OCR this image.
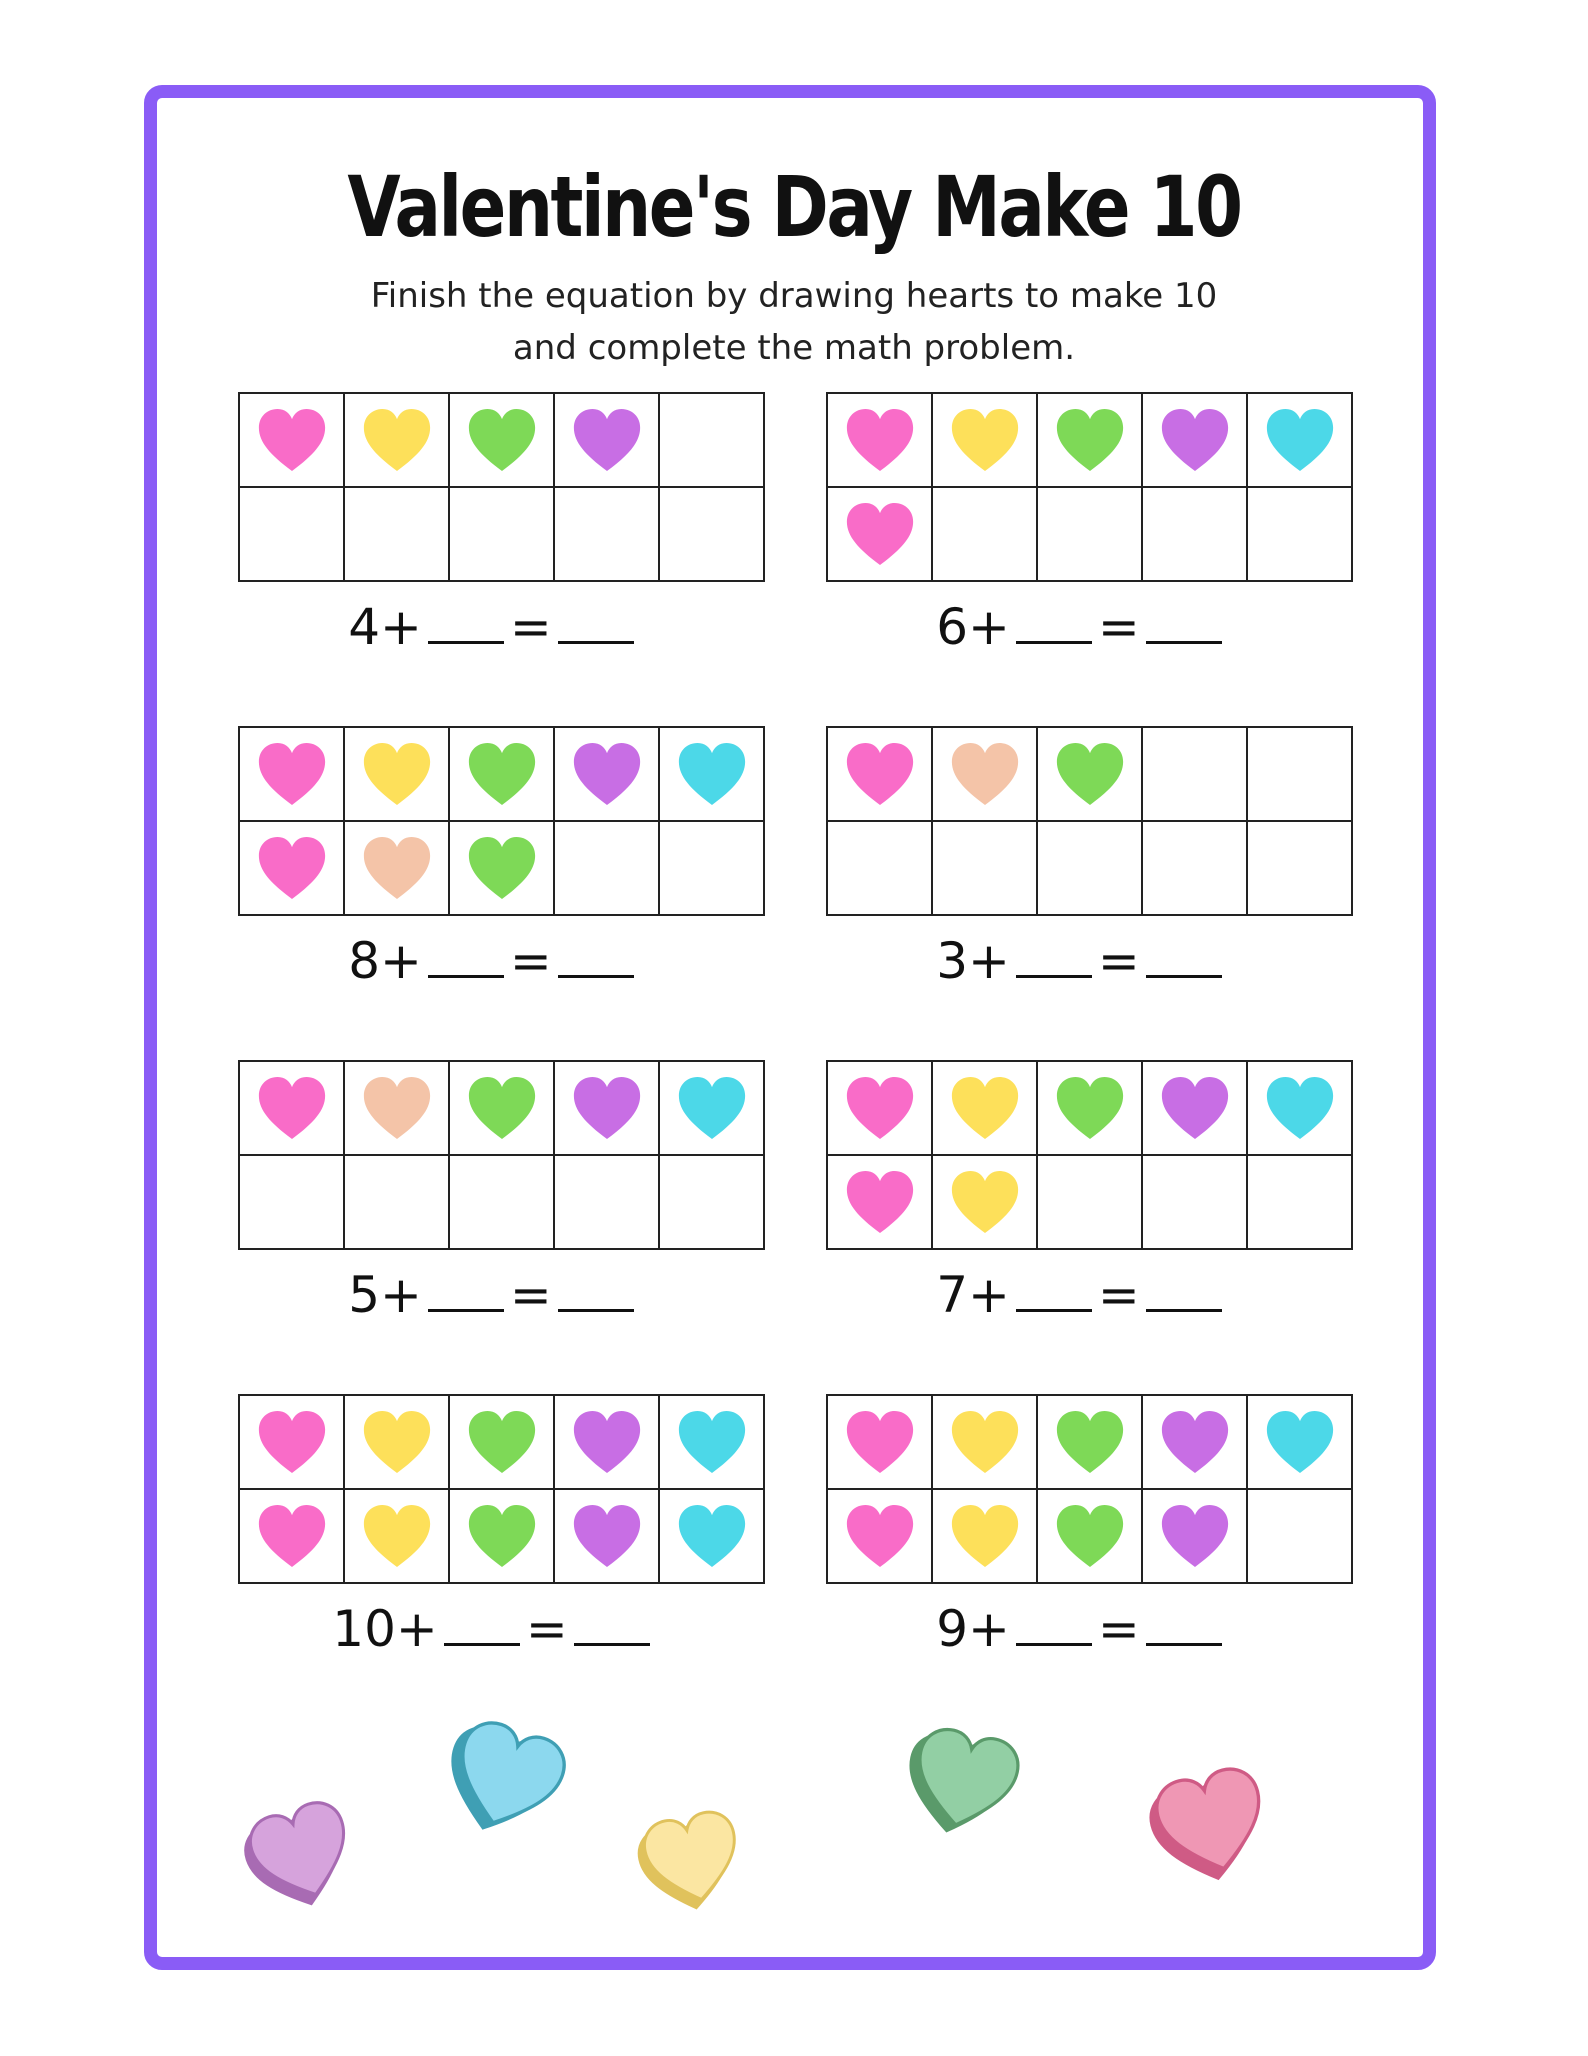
Valentine's Day Make 10
Finish the equation by drawing hearts to make 10
and complete the math problem.
4+=	6+=
8+=	3+=
5+=	7+=
10+=	9+=
